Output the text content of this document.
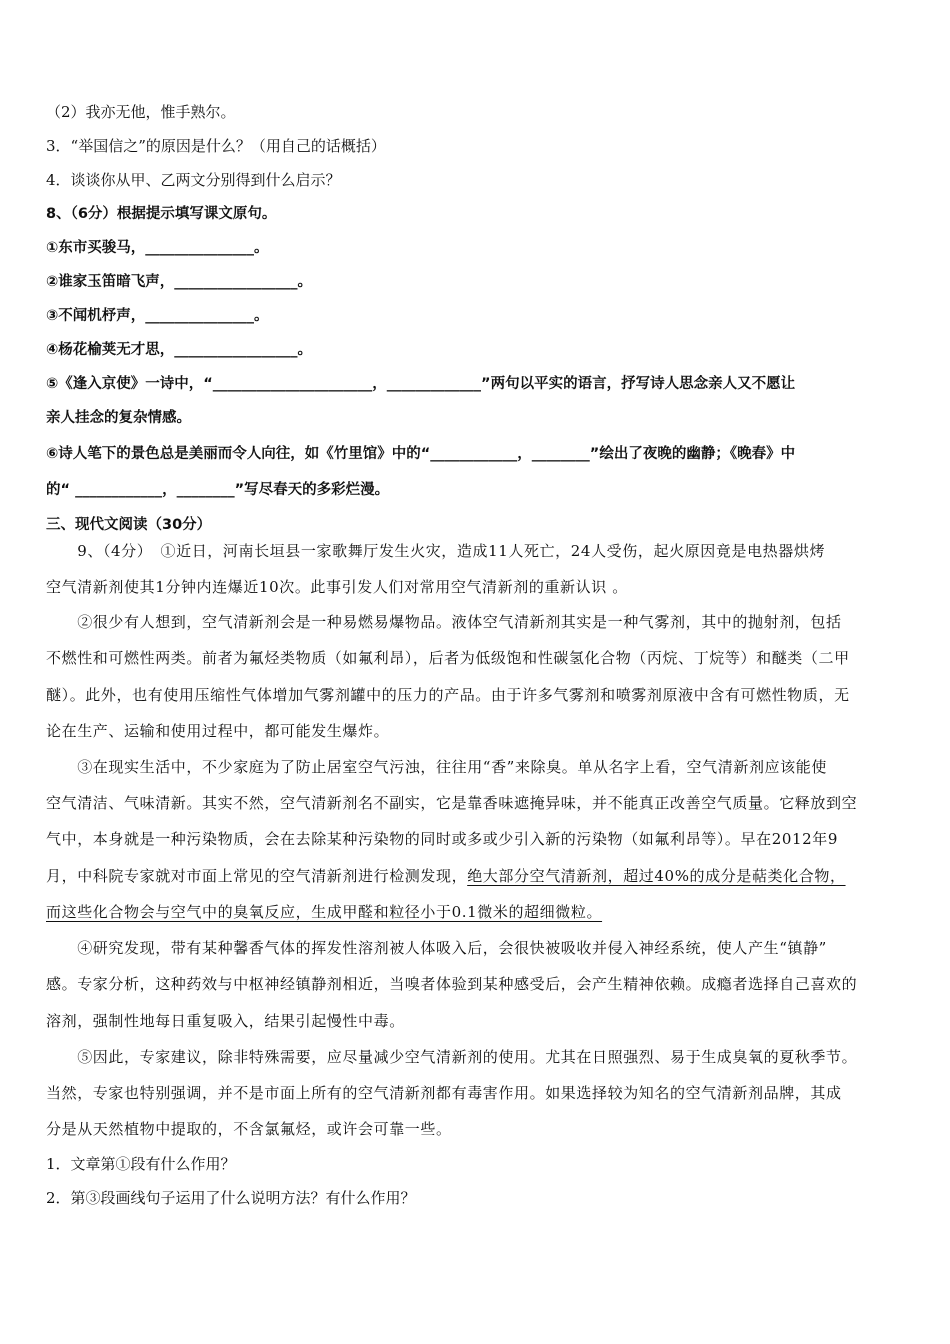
（2）我亦无他，惟手熟尔。
3．“举国信之”的原因是什么？（用自己的话概括）
4．谈谈你从甲、乙两文分别得到什么启示？
8、（6分）根据提示填写课文原句。
①东市买骏马，_______________。
②谁家玉笛暗飞声，_________________。
③不闻机杼声，_______________。
④杨花榆荚无才思，_________________。
⑤《逢入京使》一诗中，“______________________，_____________”两句以平实的语言，抒写诗人思念亲人又不愿让
亲人挂念的复杂情感。
⑥诗人笔下的景色总是美丽而令人向往，如《竹里馆》中的“____________，________”绘出了夜晚的幽静；《晚春》中
的“ ____________，________”写尽春天的多彩烂漫。
三、现代文阅读（30分）
　　9、（4分）　①近日，河南长垣县一家歌舞厅发生火灾，造成11人死亡，24人受伤，起火原因竟是电热器烘烤
空气清新剂使其1分钟内连爆近10次。此事引发人们对常用空气清新剂的重新认识 。
　　②很少有人想到，空气清新剂会是一种易燃易爆物品。液体空气清新剂其实是一种气雾剂，其中的抛射剂，包括
不燃性和可燃性两类。前者为氟烃类物质（如氟利昂），后者为低级饱和性碳氢化合物（丙烷、丁烷等）和醚类（二甲
醚）。此外，也有使用压缩性气体增加气雾剂罐中的压力的产品。由于许多气雾剂和喷雾剂原液中含有可燃性物质，无
论在生产、运输和使用过程中，都可能发生爆炸。
　　③在现实生活中，不少家庭为了防止居室空气污浊，往往用“香”来除臭。单从名字上看，空气清新剂应该能使
空气清洁、气味清新。其实不然，空气清新剂名不副实，它是靠香味遮掩异味，并不能真正改善空气质量。它释放到空
气中，本身就是一种污染物质，会在去除某种污染物的同时或多或少引入新的污染物（如氟利昂等）。早在2012年9
月，中科院专家就对市面上常见的空气清新剂进行检测发现，绝大部分空气清新剂，超过40%的成分是萜类化合物，
而这些化合物会与空气中的臭氧反应，生成甲醛和粒径小于0.1微米的超细微粒。
　　④研究发现，带有某种馨香气体的挥发性溶剂被人体吸入后，会很快被吸收并侵入神经系统，使人产生“镇静”
感。专家分析，这种药效与中枢神经镇静剂相近，当嗅者体验到某种感受后，会产生精神依赖。成瘾者选择自己喜欢的
溶剂，强制性地每日重复吸入，结果引起慢性中毒。
　　⑤因此，专家建议，除非特殊需要，应尽量减少空气清新剂的使用。尤其在日照强烈、易于生成臭氧的夏秋季节。
当然，专家也特别强调，并不是市面上所有的空气清新剂都有毒害作用。如果选择较为知名的空气清新剂品牌，其成
分是从天然植物中提取的，不含氯氟烃，或许会可靠一些。
1．文章第①段有什么作用？
2．第③段画线句子运用了什么说明方法？有什么作用？
